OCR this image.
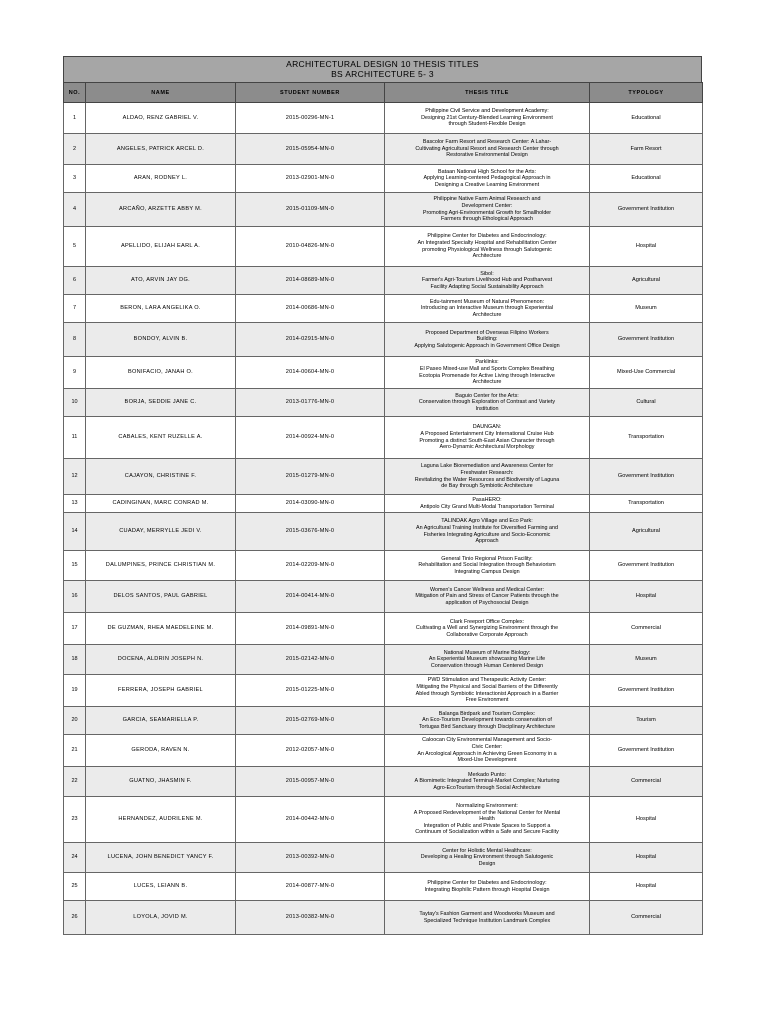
ARCHITECTURAL DESIGN 10 THESIS TITLES
BS ARCHITECTURE 5- 3
NO.	NAME	STUDENT NUMBER	THESIS TITLE	TYPOLOGY
1	ALDAO, RENZ GABRIEL V.	2015-00296-MN-1	Philippine Civil Service and Development Academy:
Designing 21st Century-Blended Learning Environment
through Student-Flexible Design	Educational
2	ANGELES, PATRICK ARCEL D.	2015-05954-MN-0	Bascolor Farm Resort and Research Center: A Lahar-
Cultivating Agricultural Resort and Research Center through
Restorative Environmental Design	Farm Resort
3	ARAN, RODNEY L.	2013-02901-MN-0	Bataan National High School for the Arts:
Applying Learning-centered Pedagogical Approach in
Designing a Creative Learning Environment	Educational
4	ARCAÑO, ARZETTE ABBY M.	2015-01109-MN-0	Philippine Native Farm Animal Research and
Development Center:
Promoting Agri-Environmental Growth for Smallholder
Farmers through Ethological Approach	Government Institution
5	APELLIDO, ELIJAH EARL A.	2010-04826-MN-0	Philippine Center for Diabetes and Endocrinology:
An Integrated Specialty Hospital and Rehabilitation Center
promoting Physiological Wellness through Salutogenic
Architecture	Hospital
6	ATO, ARVIN JAY DG.	2014-08689-MN-0	Sibol:
Farmer's Agri-Tourism Livelihood Hub and Postharvest
Facility Adapting Social Sustainability Approach	Agricultural
7	BERON, LARA ANGELIKA O.	2014-00686-MN-0	Edu-tainment Museum of Natural Phenomenon:
Introducing an Interactive Museum through Experiential
Architecture	Museum
8	BONDOY, ALVIN B.	2014-02915-MN-0	Proposed Department of Overseas Filipino Workers
Building:
Applying Salutogenic Approach in Government Office Design	Government Institution
9	BONIFACIO, JANAH O.	2014-00604-MN-0	Parklinks:
El Paseo Mixed-use Mall and Sports Complex Breathing
Ecotopia Promenade for Active Living through Interactive
Architecture	Mixed-Use Commercial
10	BORJA, SEDDIE JANE C.	2013-01776-MN-0	Baguio Center for the Arts:
Conservation through Exploration of Contrast and Variety
Institution	Cultural
11	CABALES, KENT RUZELLE A.	2014-00924-MN-0	DAUNGAN:
A Proposed Entertainment City International Cruise Hub
Promoting a distinct South-East Asian Character through
Aero-Dynamic Architectural Morphology	Transportation
12	CAJAYON, CHRISTINE F.	2015-01279-MN-0	Laguna Lake Bioremediation and Awareness Center for
Freshwater Research:
Revitalizing the Water Resources and Biodiversity of Laguna
de Bay through Symbiotic Architecture	Government Institution
13	CADINGINAN, MARC CONRAD M.	2014-03090-MN-0	PasaHERO:
Antipolo City Grand Multi-Modal Transportation Terminal	Transportation
14	CUADAY, MERRYLLE JEDI V.	2015-03676-MN-0	TALINDAK Agro Village and Eco Park:
An Agricultural Training Institute for Diversified Farming and
Fisheries Integrating Agriculture and Socio-Economic
Approach	Agricultural
15	DALUMPINES, PRINCE CHRISTIAN M.	2014-02209-MN-0	General Tinio Regional Prison Facility:
Rehabilitation and Social Integration through Behaviorism
Integrating Campus Design	Government Institution
16	DELOS SANTOS, PAUL GABRIEL	2014-00414-MN-0	Women's Cancer Wellness and Medical Center:
Mitigation of Pain and Stress of Cancer Patients through the
application of Psychosocial Design	Hospital
17	DE GUZMAN, RHEA MAEDELEINE M.	2014-09891-MN-0	Clark Freeport Office Complex:
Cultivating a Well and Synergizing Environment through the
Collaborative Corporate Approach	Commercial
18	DOCENA, ALDRIN JOSEPH N.	2015-02142-MN-0	National Museum of Marine Biology:
An Experiential Museum showcasing Marine Life
Conservation through Human Centered Design	Museum
19	FERRERA, JOSEPH GABRIEL	2015-01225-MN-0	PWD Stimulation and Therapeutic Activity Center:
Mitigating the Physical and Social Barriers of the Differently
Abled through Symbiotic Interactionist Approach in a Barrier
Free Environment	Government Institution
20	GARCIA, SEAMARIELLA P.	2015-02769-MN-0	Balanga Birdpark and Tourism Complex:
An Eco-Tourism Development towards conservation of
Tortugas Bird Sanctuary through Disciplinary Architecture	Tourism
21	GERODA, RAVEN N.	2012-02057-MN-0	Caloocan City Environmental Management and Socio-
Civic Center:
An Arcological Approach in Achieving Green Economy in a
Mixed-Use Development	Government Institution
22	GUATNO, JHASMIN F.	2015-00957-MN-0	Merkado Punto:
A Biomimetic Integrated Terminal-Market Complex; Nurturing
Agro-EcoTourism through Social Architecture	Commercial
23	HERNANDEZ, AUDRILENE M.	2014-00442-MN-0	Normalizing Environment:
A Proposed Redevelopment of the National Center for Mental
Health
Integration of Public and Private Spaces to Support a
Continuum of Socialization within a Safe and Secure Facility	Hospital
24	LUCENA, JOHN BENEDICT YANCY F.	2013-00392-MN-0	Center for Holistic Mental Healthcare:
Developing a Healing Environment through Salutogenic
Design	Hospital
25	LUCES, LEIANN B.	2014-00877-MN-0	Philippine Center for Diabetes and Endocrinology:
Integrating Biophilic Pattern through Hospital Design	Hospital
26	LOYOLA, JOVID M.	2013-00382-MN-0	Taytay's Fashion Garment and Woodworks Museum and
Specialized Technique Institution Landmark Complex	Commercial
